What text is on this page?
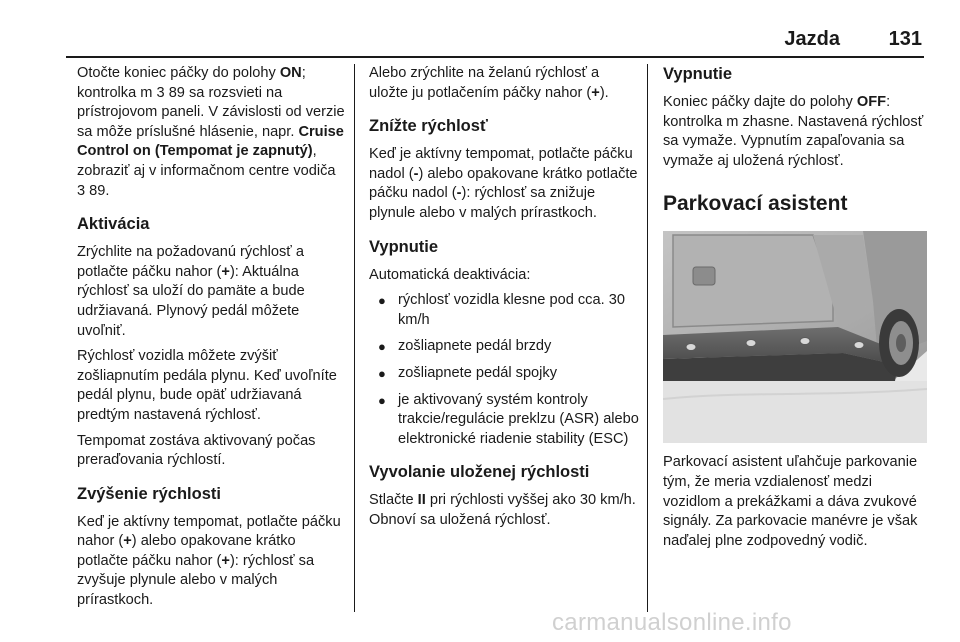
Jazda 131

Otočte koniec páčky do polohy ON; kontrolka m 3 89 sa rozsvieti na prístrojovom paneli. V závislosti od verzie sa môže príslušné hlásenie, napr. Cruise Control on (Tempomat je zapnutý), zobraziť aj v informačnom centre vodiča 3 89.

Aktivácia

Zrýchlite na požadovanú rýchlosť a potlačte páčku nahor (+): Aktuálna rýchlosť sa uloží do pamäte a bude udržiavaná. Plynový pedál môžete uvoľniť.

Rýchlosť vozidla môžete zvýšiť zošliapnutím pedála plynu. Keď uvoľníte pedál plynu, bude opäť udržiavaná predtým nastavená rýchlosť.

Tempomat zostáva aktivovaný počas preraďovania rýchlostí.

Zvýšenie rýchlosti

Keď je aktívny tempomat, potlačte páčku nahor (+) alebo opakovane krátko potlačte páčku nahor (+): rýchlosť sa zvyšuje plynule alebo v malých prírastkoch.

Alebo zrýchlite na želanú rýchlosť a uložte ju potlačením páčky nahor (+).

Znížte rýchlosť

Keď je aktívny tempomat, potlačte páčku nadol (-) alebo opakovane krátko potlačte páčku nadol (-): rýchlosť sa znižuje plynule alebo v malých prírastkoch.

Vypnutie

Automatická deaktivácia:

● rýchlosť vozidla klesne pod cca. 30 km/h
● zošliapnete pedál brzdy
● zošliapnete pedál spojky
● je aktivovaný systém kontroly trakcie/regulácie preklzu (ASR) alebo elektronické riadenie stability (ESC)
Vyvolanie uloženej rýchlosti

Stlačte II pri rýchlosti vyššej ako 30 km/h. Obnoví sa uložená rýchlosť.

Vypnutie

Koniec páčky dajte do polohy OFF: kontrolka m zhasne. Nastavená rýchlosť sa vymaže. Vypnutím zapaľovania sa vymaže aj uložená rýchlosť.

Parkovací asistent

Parkovací asistent uľahčuje parkovanie tým, že meria vzdialenosť medzi vozidlom a prekážkami a dáva zvukové signály. Za parkovacie manévre je však naďalej plne zodpovedný vodič.

carmanualsonline.info
